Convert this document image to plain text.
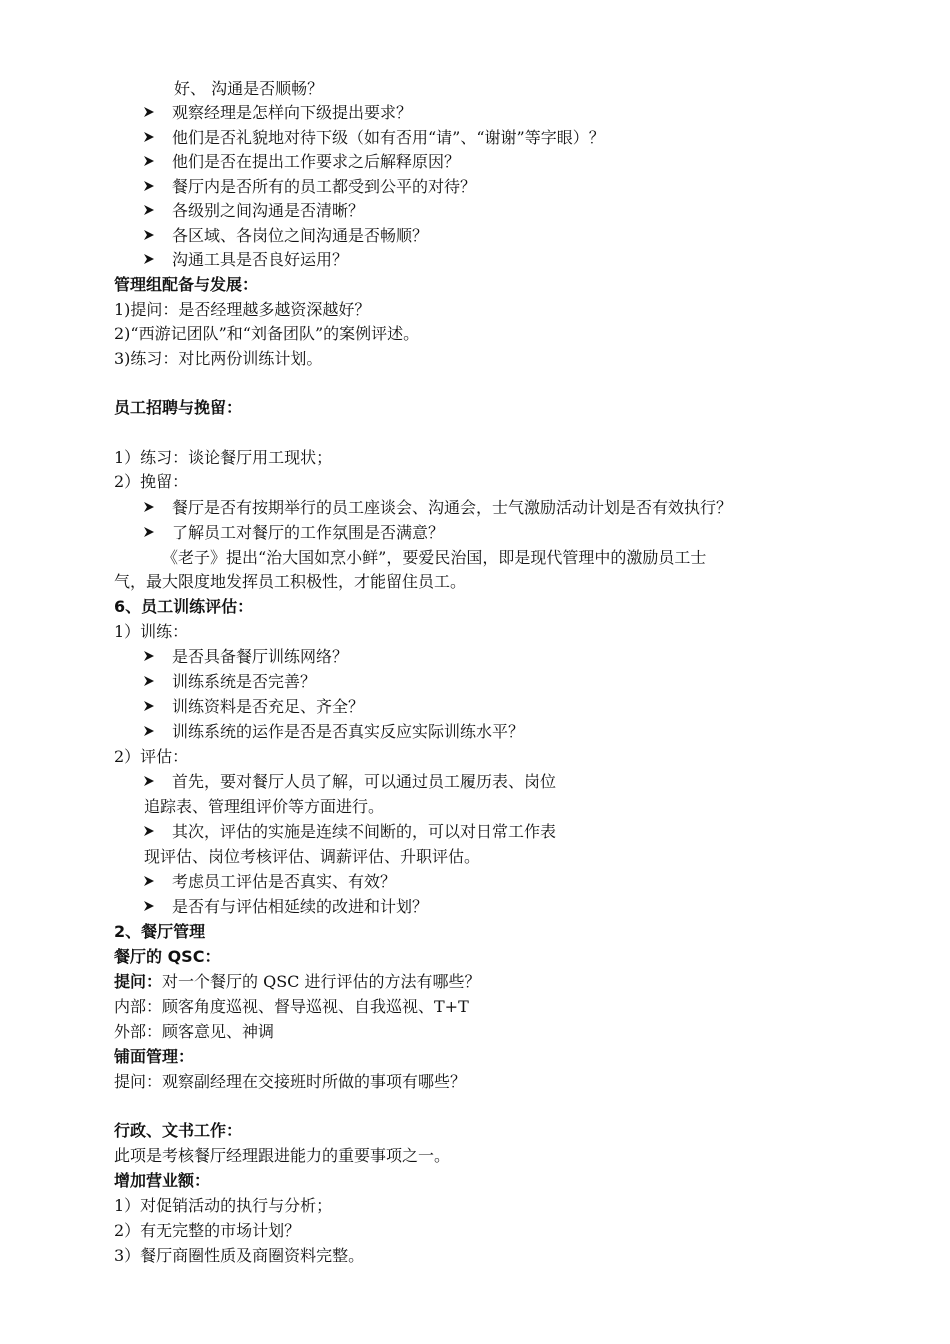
好、 沟通是否顺畅？
观察经理是怎样向下级提出要求？
他们是否礼貌地对待下级（如有否用“请”、“谢谢”等字眼）？
他们是否在提出工作要求之后解释原因？
餐厅内是否所有的员工都受到公平的对待？
各级别之间沟通是否清晰？
各区域、各岗位之间沟通是否畅顺？
沟通工具是否良好运用？
管理组配备与发展：
1)提问：是否经理越多越资深越好？
2)“西游记团队”和“刘备团队”的案例评述。
3)练习：对比两份训练计划。
员工招聘与挽留：
1）练习：谈论餐厅用工现状；
2）挽留：
餐厅是否有按期举行的员工座谈会、沟通会，士气激励活动计划是否有效执行？
了解员工对餐厅的工作氛围是否满意？
《老子》提出“治大国如烹小鲜”，要爱民治国，即是现代管理中的激励员工士
气，最大限度地发挥员工积极性，才能留住员工。
6、员工训练评估：
1）训练：
是否具备餐厅训练网络？
训练系统是否完善？
训练资料是否充足、齐全？
训练系统的运作是否是否真实反应实际训练水平？
2）评估：
首先，要对餐厅人员了解，可以通过员工履历表、岗位
追踪表、管理组评价等方面进行。
其次，评估的实施是连续不间断的，可以对日常工作表
现评估、岗位考核评估、调薪评估、升职评估。
考虑员工评估是否真实、有效？
是否有与评估相延续的改进和计划？
2、餐厅管理
餐厅的 QSC：
提问：对一个餐厅的 QSC 进行评估的方法有哪些？
内部：顾客角度巡视、督导巡视、自我巡视、T+T
外部：顾客意见、神调
铺面管理：
提问：观察副经理在交接班时所做的事项有哪些？
行政、文书工作：
此项是考核餐厅经理跟进能力的重要事项之一。
增加营业额：
1）对促销活动的执行与分析；
2）有无完整的市场计划？
3）餐厅商圈性质及商圈资料完整。
